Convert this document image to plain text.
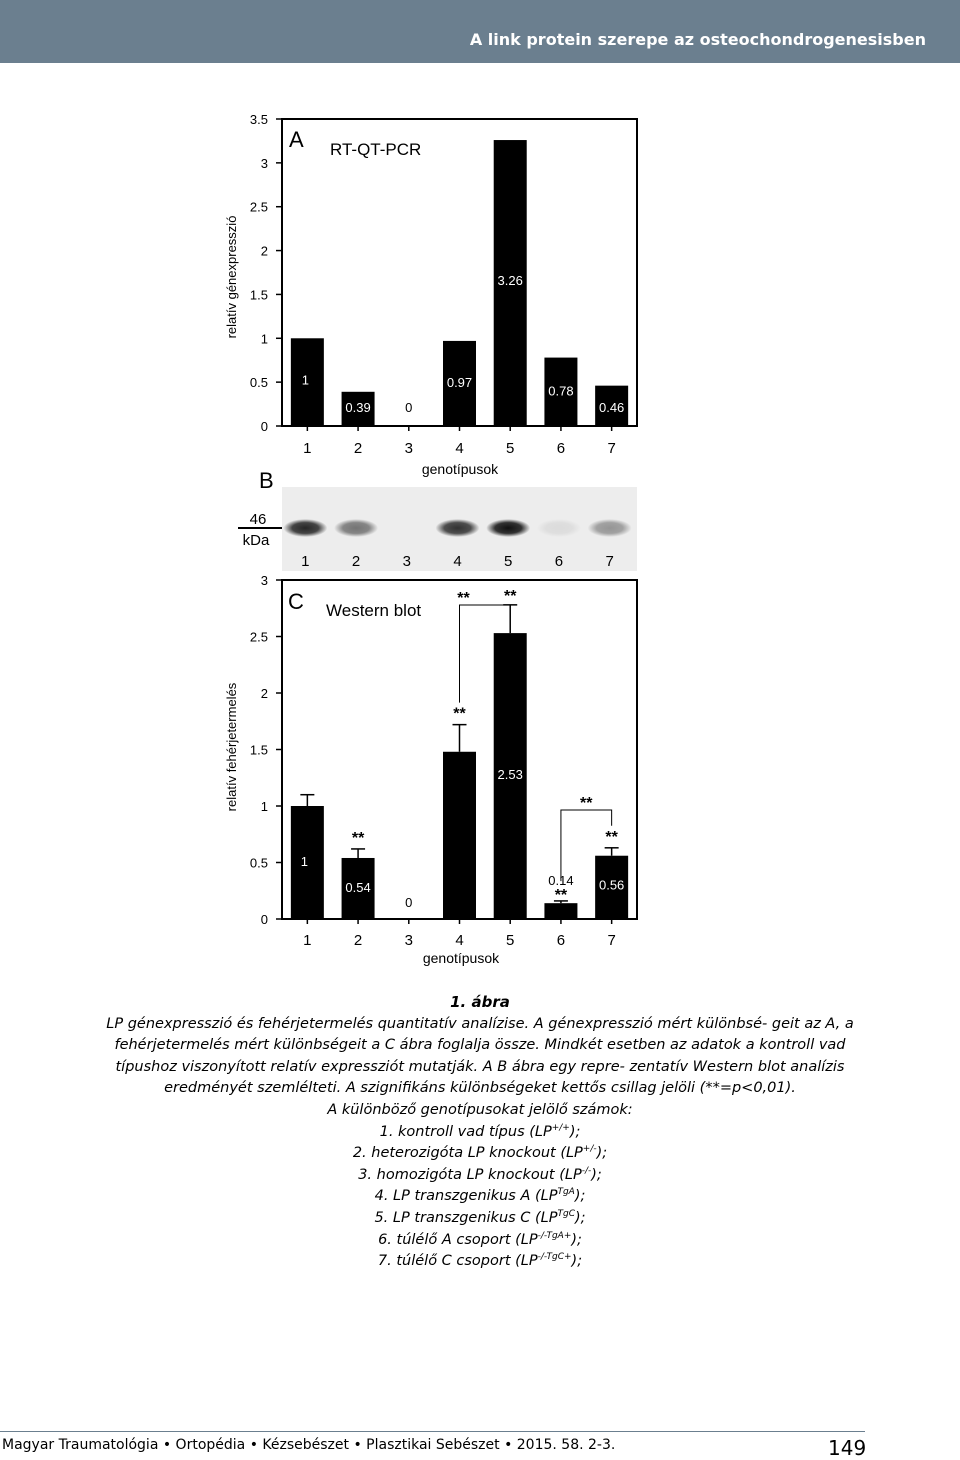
A link protein szerepe az osteochondrogenesisben
0
0.5
1
1.5
2
2.5
3
3.5
1	2	3	4	5	6	7
1
0.39	0
0.97
3.26
0.78
0.46
A RT-QT-PCR
relatív génexpresszió
genotípusok
B
46
kDa
1	2	3	4	5	6	7
0
0.5
1
1.5
2
2.5
3
1	2	3	4	5	6	7
1
0.54
0
1.48
2.53
0.14 0.56
**
**
**
**
** **
**
C Western blot
relatív fehérjetermelés
genotípusok

1. ábra

LP génexpresszió és fehérjetermelés quantitatív analízise. A génexpresszió mért különbsé- geit az A, a fehérjetermelés mért különbségeit a C ábra foglalja össze. Mindkét esetben az adatok a kontroll vad típushoz viszonyított relatív expressziót mutatják. A B ábra egy repre- zentatív Western blot analízis eredményét szemlélteti. A szignifikáns különbségeket kettős csillag jelöli (**=p<0,01).

A különböző genotípusokat jelölő számok:

1. kontroll vad típus (LP+/+);

2. heterozigóta LP knockout (LP+/-);

3. homozigóta LP knockout (LP-/-);

4. LP transzgenikus A $(LP^{TgA})$;

5. LP transzgenikus C $(LP^{TgC})$;

6. túlélő A csoport $(LP^{-/-TgA+})$;

7. túlélő C csoport $(LP^{-/-TgC+})$;

Magyar Traumatológia • Ortopédia • Kézsebészet • Plasztikai Sebészet • 2015. 58. 2-3.	149
